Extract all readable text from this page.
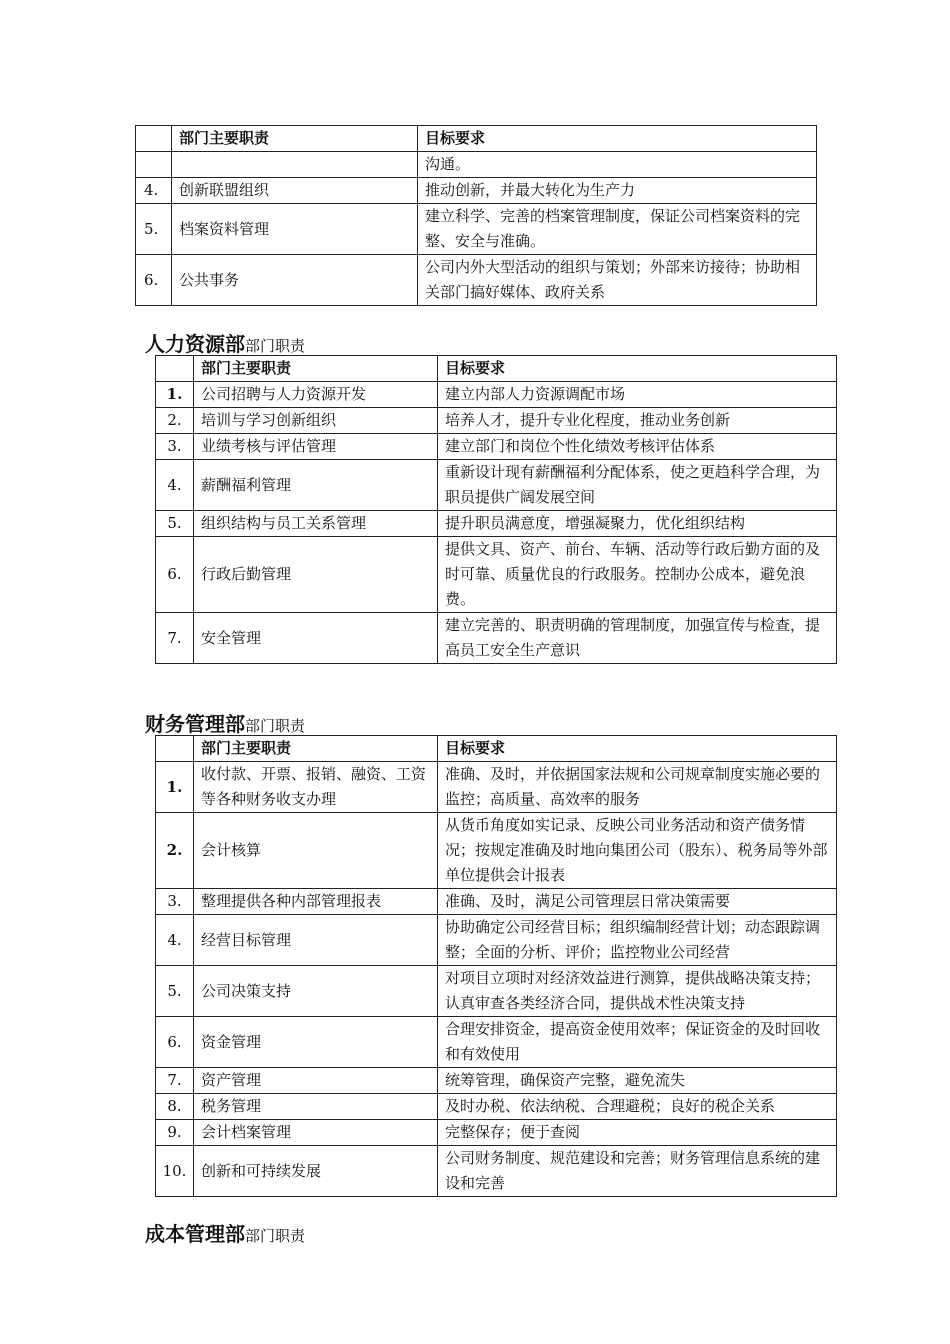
	部门主要职责	目标要求
		沟通。
4.	创新联盟组织	推动创新，并最大转化为生产力
5.	档案资料管理	建立科学、完善的档案管理制度，保证公司档案资料的完整、安全与准确。
6.	公共事务	公司内外大型活动的组织与策划；外部来访接待；协助相关部门搞好媒体、政府关系
人力资源部部门职责
	部门主要职责	目标要求
1.	公司招聘与人力资源开发	建立内部人力资源调配市场
2.	培训与学习创新组织	培养人才，提升专业化程度，推动业务创新
3.	业绩考核与评估管理	建立部门和岗位个性化绩效考核评估体系
4.	薪酬福利管理	重新设计现有薪酬福利分配体系，使之更趋科学合理，为职员提供广阔发展空间
5.	组织结构与员工关系管理	提升职员满意度，增强凝聚力，优化组织结构
6.	行政后勤管理	提供文具、资产、前台、车辆、活动等行政后勤方面的及时可靠、质量优良的行政服务。控制办公成本，避免浪费。
7.	安全管理	建立完善的、职责明确的管理制度，加强宣传与检查，提高员工安全生产意识
财务管理部部门职责
	部门主要职责	目标要求
1.	收付款、开票、报销、融资、工资等各种财务收支办理	准确、及时，并依据国家法规和公司规章制度实施必要的监控；高质量、高效率的服务
2.	会计核算	从货币角度如实记录、反映公司业务活动和资产债务情况；按规定准确及时地向集团公司（股东）、税务局等外部单位提供会计报表
3.	整理提供各种内部管理报表	准确、及时，满足公司管理层日常决策需要
4.	经营目标管理	协助确定公司经营目标；组织编制经营计划；动态跟踪调整；全面的分析、评价；监控物业公司经营
5.	公司决策支持	对项目立项时对经济效益进行测算，提供战略决策支持；认真审查各类经济合同，提供战术性决策支持
6.	资金管理	合理安排资金，提高资金使用效率；保证资金的及时回收和有效使用
7.	资产管理	统筹管理，确保资产完整，避免流失
8.	税务管理	及时办税、依法纳税、合理避税；良好的税企关系
9.	会计档案管理	完整保存；便于查阅
10.	创新和可持续发展	公司财务制度、规范建设和完善；财务管理信息系统的建设和完善
成本管理部部门职责
